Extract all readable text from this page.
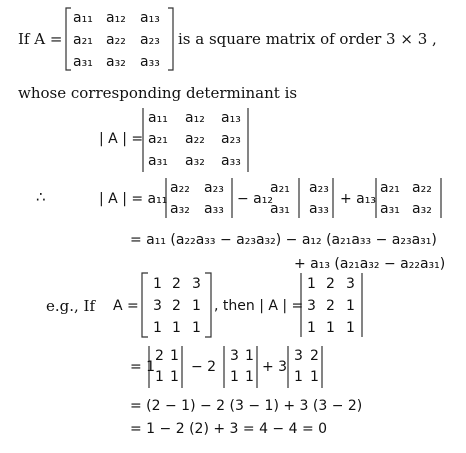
If A =
a₁₁ a₁₂ a₁₃
a₂₁ a₂₂ a₂₃
a₃₁ a₃₂ a₃₃
is a square matrix of order 3 × 3 ,
whose corresponding determinant is
| A | =
a₁₁ a₁₂ a₁₃
a₂₁ a₂₂ a₂₃
a₃₁ a₃₂ a₃₃
∴	| A | = a₁₁
a₂₂ a₂₃
a₃₂ a₃₃
− a₁₂
a₂₁
a₃₁
a₂₃
a₃₃
+ a₁₃
a₂₁ a₂₂
a₃₁ a₃₂
= a₁₁ (a₂₂a₃₃ − a₂₃a₃₂) − a₁₂ (a₂₁a₃₃ − a₂₃a₃₁)
+ a₁₃ (a₂₁a₃₂ − a₂₂a₃₁)
e.g., If A =
1 2 3
3 2 1
1 1 1
, then | A | =
1 2 3
3 2 1
1 1 1
= 1
2 1
1 1
− 2
3 1
1 1
+ 3
3 2
1 1
= (2 − 1) − 2 (3 − 1) + 3 (3 − 2)
= 1 − 2 (2) + 3 = 4 − 4 = 0
